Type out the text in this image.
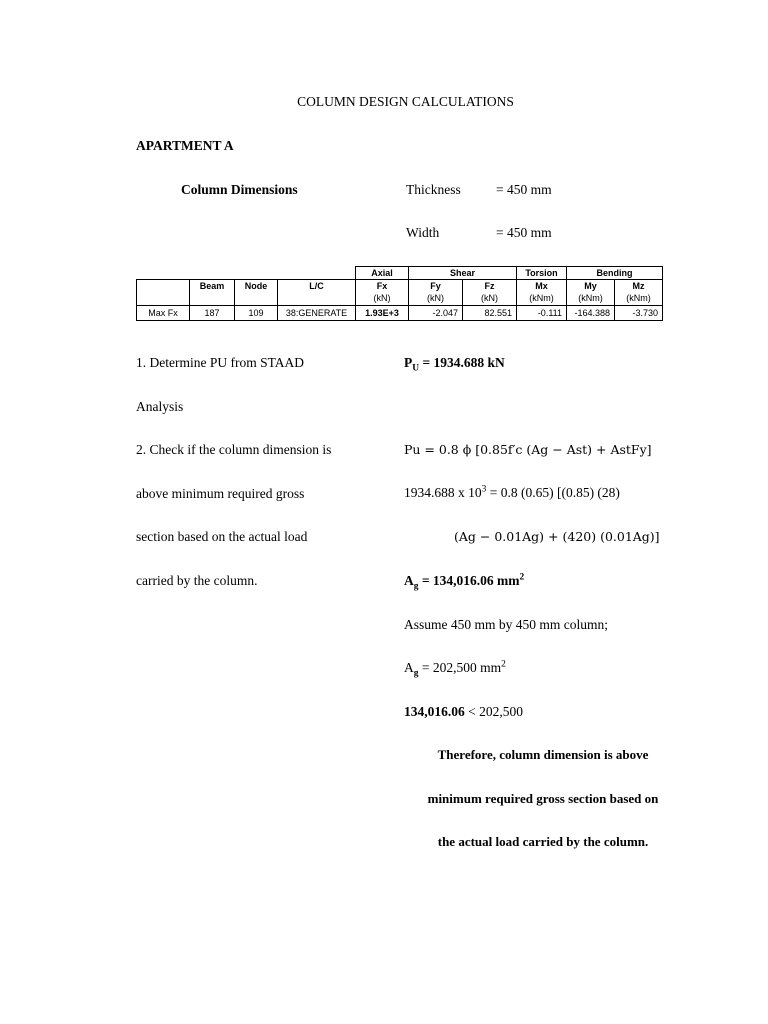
COLUMN DESIGN CALCULATIONS
APARTMENT A
Column Dimensions	Thickness	= 450 mm
Width	= 450 mm
				Axial	Shear		Torsion	Bending	
	Beam	Node	L/C	Fx	Fy	Fz	Mx	My	Mz
				(kN)	(kN)	(kN)	(kNm)	(kNm)	(kNm)
Max Fx	187	109	38:GENERATE	1.93E+3	-2.047	82.551	-0.111	-164.388	-3.730
1. Determine PU from STAAD	$P_U = 1934.688$ kN
Analysis
2. Check if the column dimension is
above minimum required gross
section based on the actual load
carried by the column.
Pu = 0.8 ϕ [0.85f′c (Ag − Ast) + AstFy]
1934.688 x $10^3 = 0.8$ (0.65) [(0.85) (28)
(Ag − 0.01Ag) + (420) (0.01Ag)]
$A_g = 134,016.06$ $mm^2$
Assume 450 mm by 450 mm column;
$A_g = 202,500$ $mm^2$
134,016.06 < 202,500
Therefore, column dimension is above
minimum required gross section based on
the actual load carried by the column.
